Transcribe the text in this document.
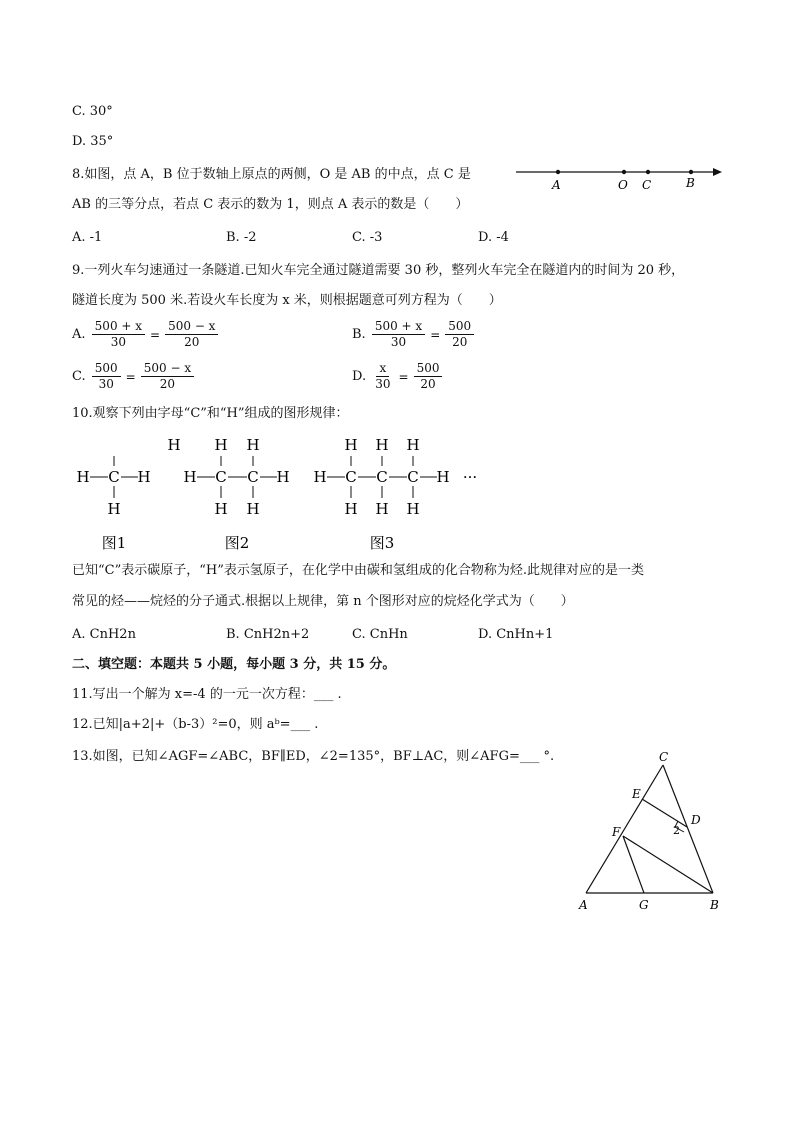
C. 30°
D. 35°
8.如图，点 A，B 位于数轴上原点的两侧，O 是 AB 的中点，点 C 是
AB 的三等分点，若点 C 表示的数为 1，则点 A 表示的数是（　　）
A	O C	B
A. -1	B. -2	C. -3	D. -4
9.一列火车匀速通过一条隧道.已知火车完全通过隧道需要 30 秒，整列火车完全在隧道内的时间为 20 秒，
隧道长度为 500 米.若设火车长度为 x 米，则根据题意可列方程为（　　）
A. $\frac{500 + x}{30} = \frac{500 - x}{20}$	B. $\frac{500 + x}{30} = \frac{500}{20}$
C. $\frac{500}{30} = \frac{500 - x}{20}$	D. $\frac{x}{30} = \frac{500}{20}$
10.观察下列由字母“C”和“H”组成的图形规律：
H
C
H	H
H
H C C H
H H
H H
H C C C H
H H H
H H H
···
图1	图2	图3
已知“C”表示碳原子，“H”表示氢原子，在化学中由碳和氢组成的化合物称为烃.此规律对应的是一类
常见的烃——烷烃的分子通式.根据以上规律，第 n 个图形对应的烷烃化学式为（　　）
A. CnH2n	B. CnH2n+2	C. CnHn	D. CnHn+1
二、填空题：本题共 5 小题，每小题 3 分，共 15 分。
11.写出一个解为 x=-4 的一元一次方程：___ .
12.已知|a+2|+（b-3）²=0，则 aᵇ=___ .
13.如图，已知∠AGF=∠ABC，BF∥ED，∠2=135°，BF⊥AC，则∠AFG=___ °.	C
E
D
2
F
A	G	B
